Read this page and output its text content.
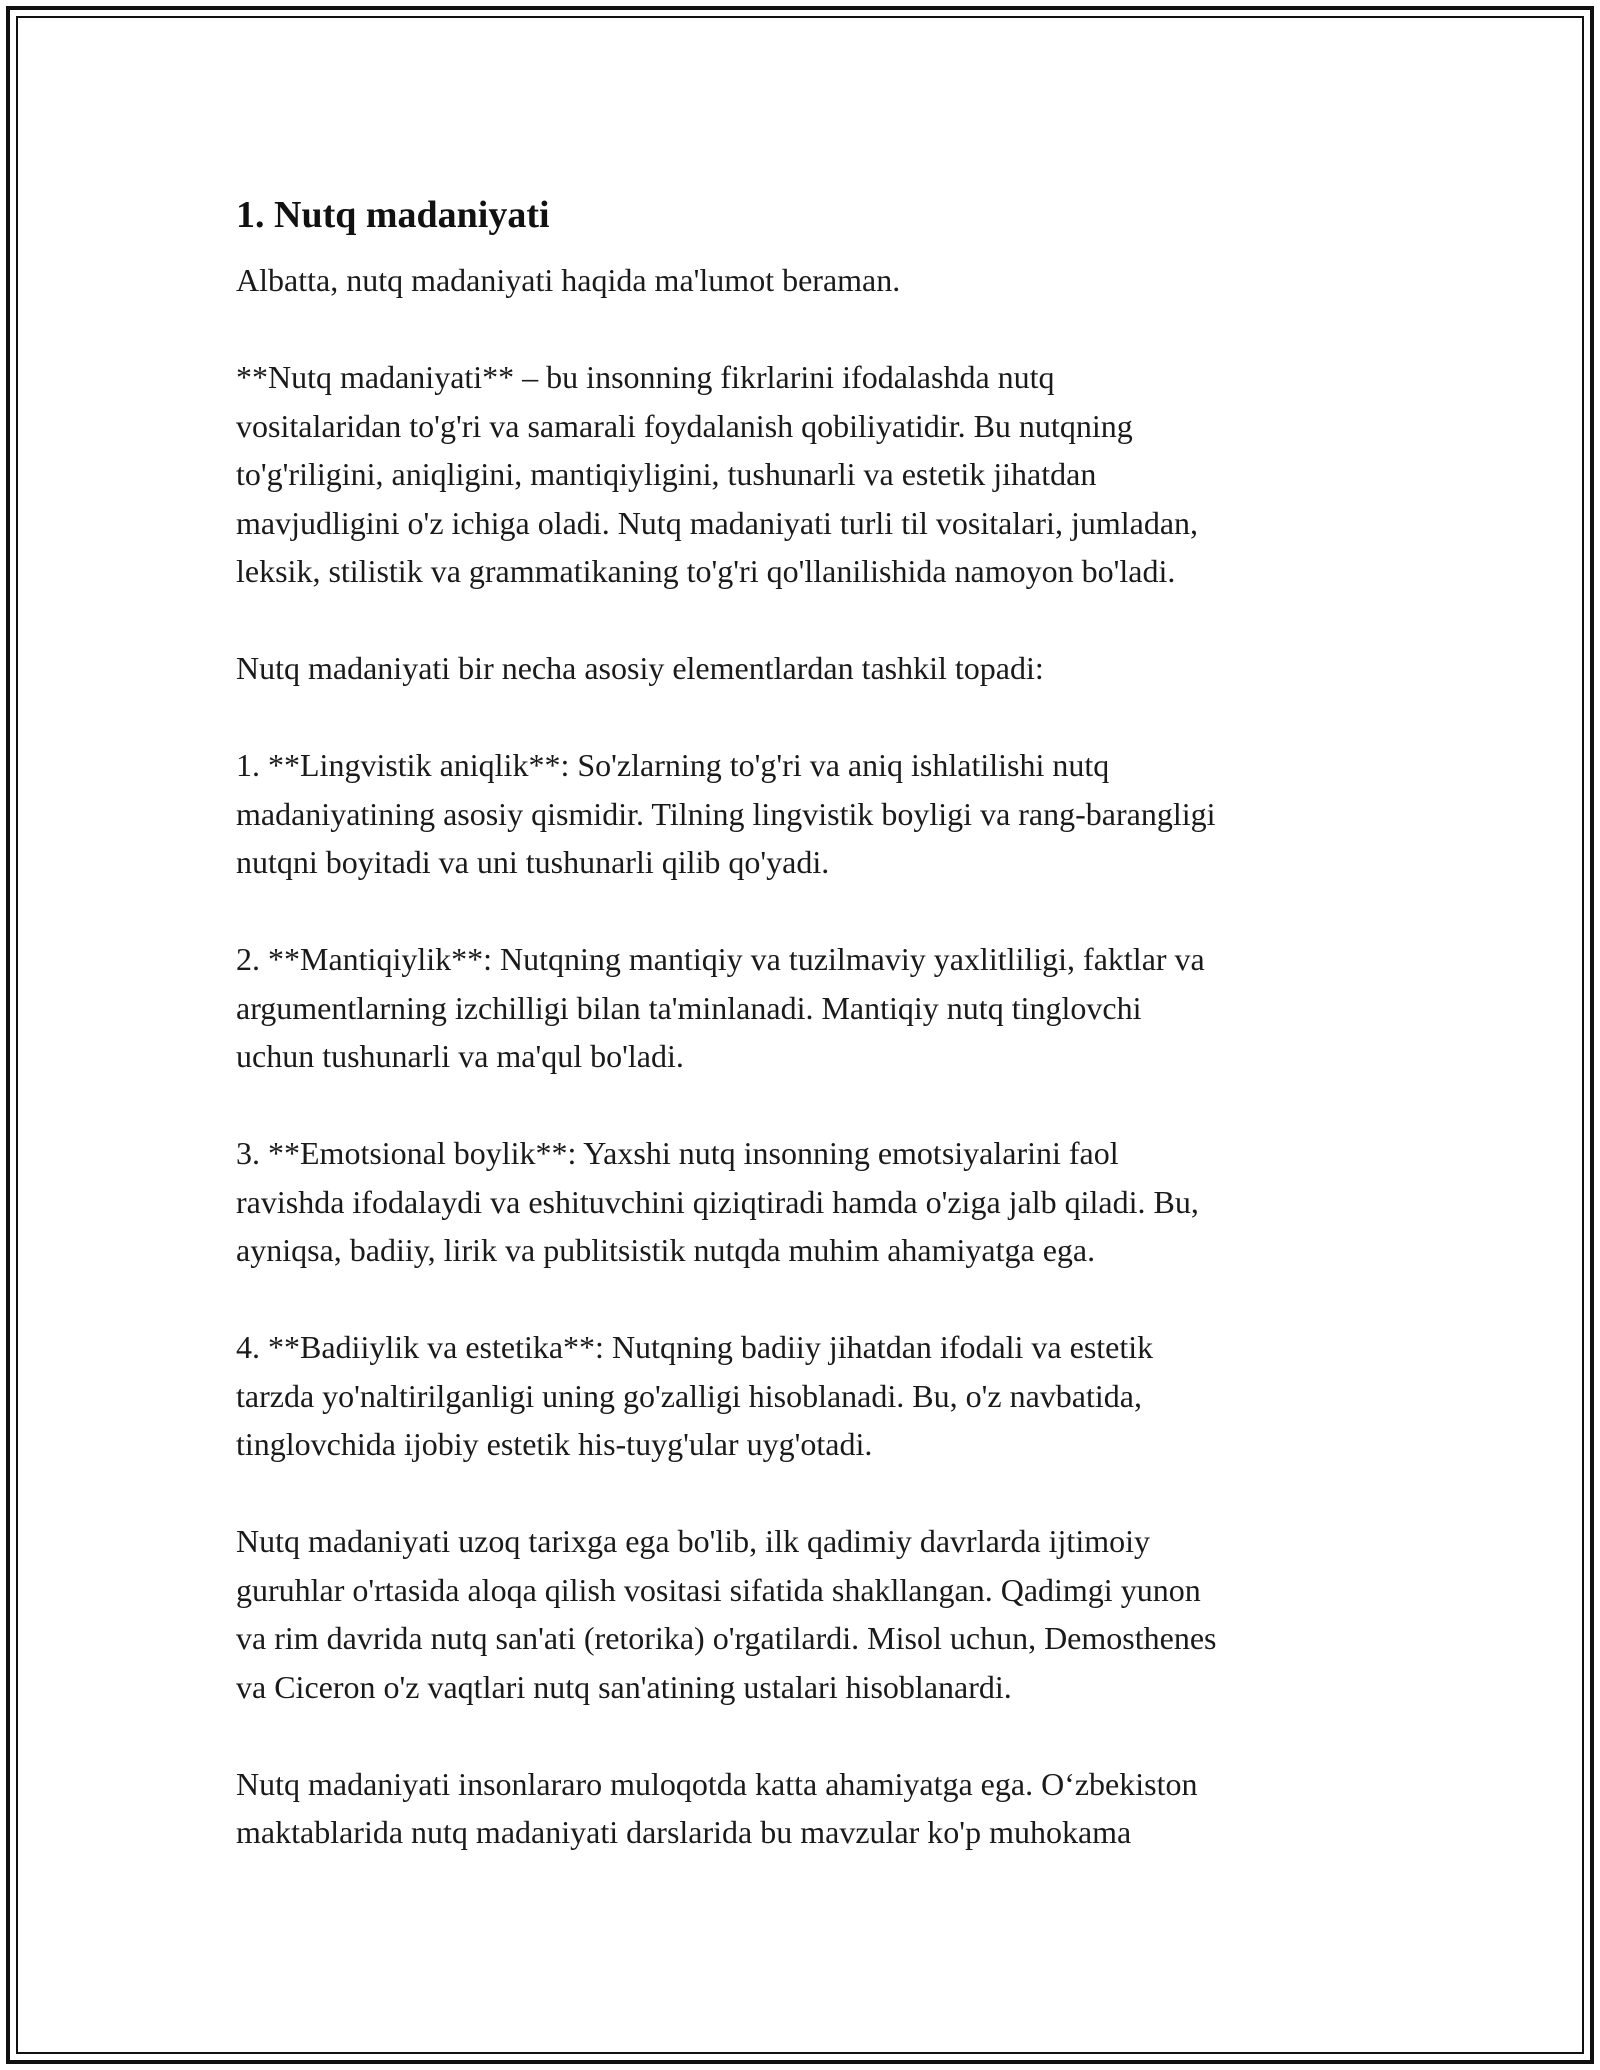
1. Nutq madaniyati

Albatta, nutq madaniyati haqida ma'lumot beraman.

**Nutq madaniyati** – bu insonning fikrlarini ifodalashda nutq
vositalaridan to'g'ri va samarali foydalanish qobiliyatidir. Bu nutqning
to'g'riligini, aniqligini, mantiqiyligini, tushunarli va estetik jihatdan
mavjudligini o'z ichiga oladi. Nutq madaniyati turli til vositalari, jumladan,
leksik, stilistik va grammatikaning to'g'ri qo'llanilishida namoyon bo'ladi.

Nutq madaniyati bir necha asosiy elementlardan tashkil topadi:

1. **Lingvistik aniqlik**: So'zlarning to'g'ri va aniq ishlatilishi nutq
madaniyatining asosiy qismidir. Tilning lingvistik boyligi va rang-barangligi
nutqni boyitadi va uni tushunarli qilib qo'yadi.

2. **Mantiqiylik**: Nutqning mantiqiy va tuzilmaviy yaxlitliligi, faktlar va
argumentlarning izchilligi bilan ta'minlanadi. Mantiqiy nutq tinglovchi
uchun tushunarli va ma'qul bo'ladi.

3. **Emotsional boylik**: Yaxshi nutq insonning emotsiyalarini faol
ravishda ifodalaydi va eshituvchini qiziqtiradi hamda o'ziga jalb qiladi. Bu,
ayniqsa, badiiy, lirik va publitsistik nutqda muhim ahamiyatga ega.

4. **Badiiylik va estetika**: Nutqning badiiy jihatdan ifodali va estetik
tarzda yo'naltirilganligi uning go'zalligi hisoblanadi. Bu, o'z navbatida,
tinglovchida ijobiy estetik his-tuyg'ular uyg'otadi.

Nutq madaniyati uzoq tarixga ega bo'lib, ilk qadimiy davrlarda ijtimoiy
guruhlar o'rtasida aloqa qilish vositasi sifatida shakllangan. Qadimgi yunon
va rim davrida nutq san'ati (retorika) o'rgatilardi. Misol uchun, Demosthenes
va Ciceron o'z vaqtlari nutq san'atining ustalari hisoblanardi.

Nutq madaniyati insonlararo muloqotda katta ahamiyatga ega. Oʻzbekiston
maktablarida nutq madaniyati darslarida bu mavzular ko'p muhokama
